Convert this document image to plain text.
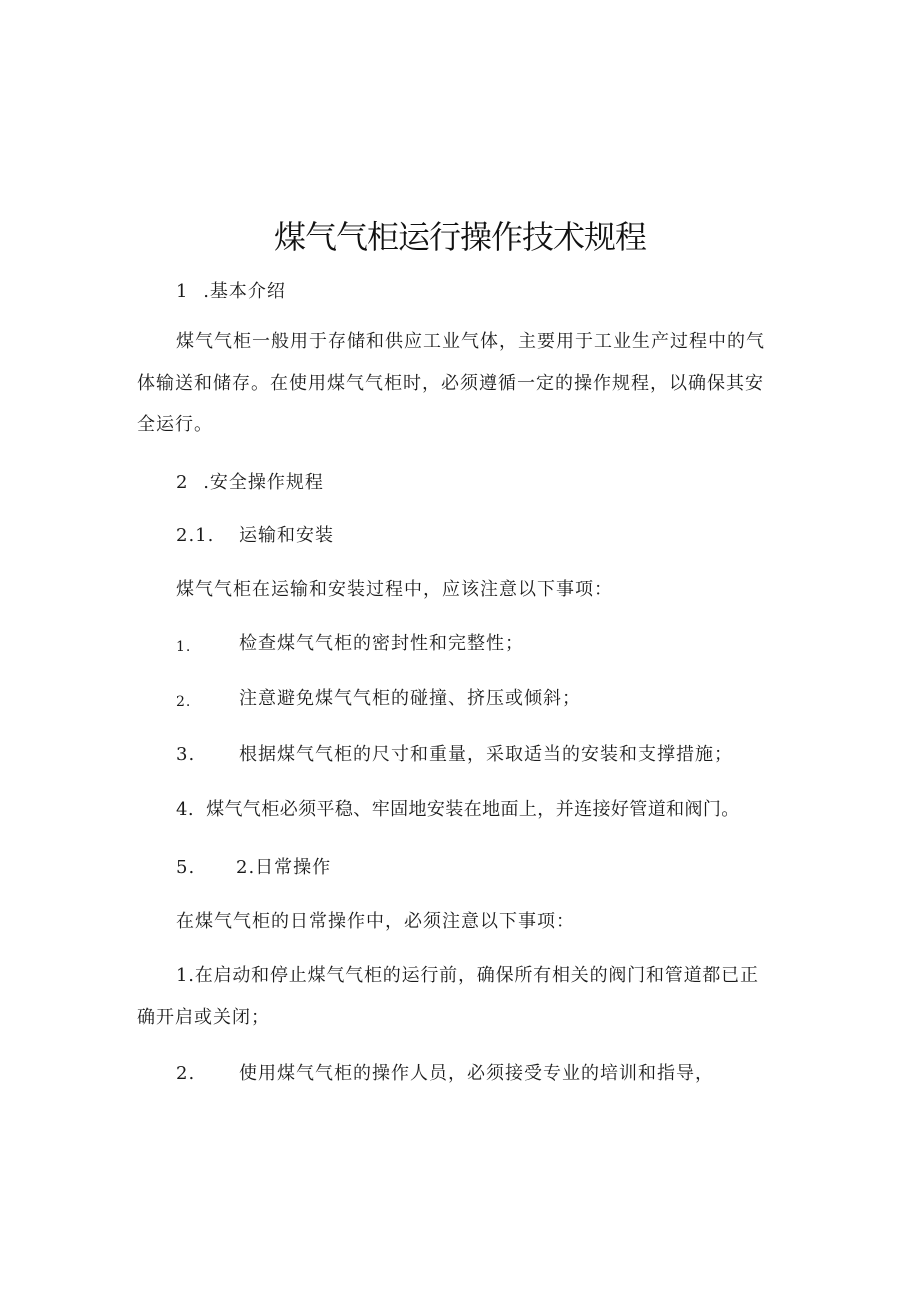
煤气气柜运行操作技术规程
1 .基本介绍
煤气气柜一般用于存储和供应工业气体，主要用于工业生产过程中的气
体输送和储存。在使用煤气气柜时，必须遵循一定的操作规程，以确保其安
全运行。
2 .安全操作规程
2.1. 运输和安装
煤气气柜在运输和安装过程中，应该注意以下事项：
1.	检查煤气气柜的密封性和完整性；
2.	注意避免煤气气柜的碰撞、挤压或倾斜；
3. 根据煤气气柜的尺寸和重量，采取适当的安装和支撑措施；
4. 煤气气柜必须平稳、牢固地安装在地面上，并连接好管道和阀门。
5. 2.日常操作
在煤气气柜的日常操作中，必须注意以下事项：
1.在启动和停止煤气气柜的运行前，确保所有相关的阀门和管道都已正
确开启或关闭；
2. 使用煤气气柜的操作人员，必须接受专业的培训和指导，
